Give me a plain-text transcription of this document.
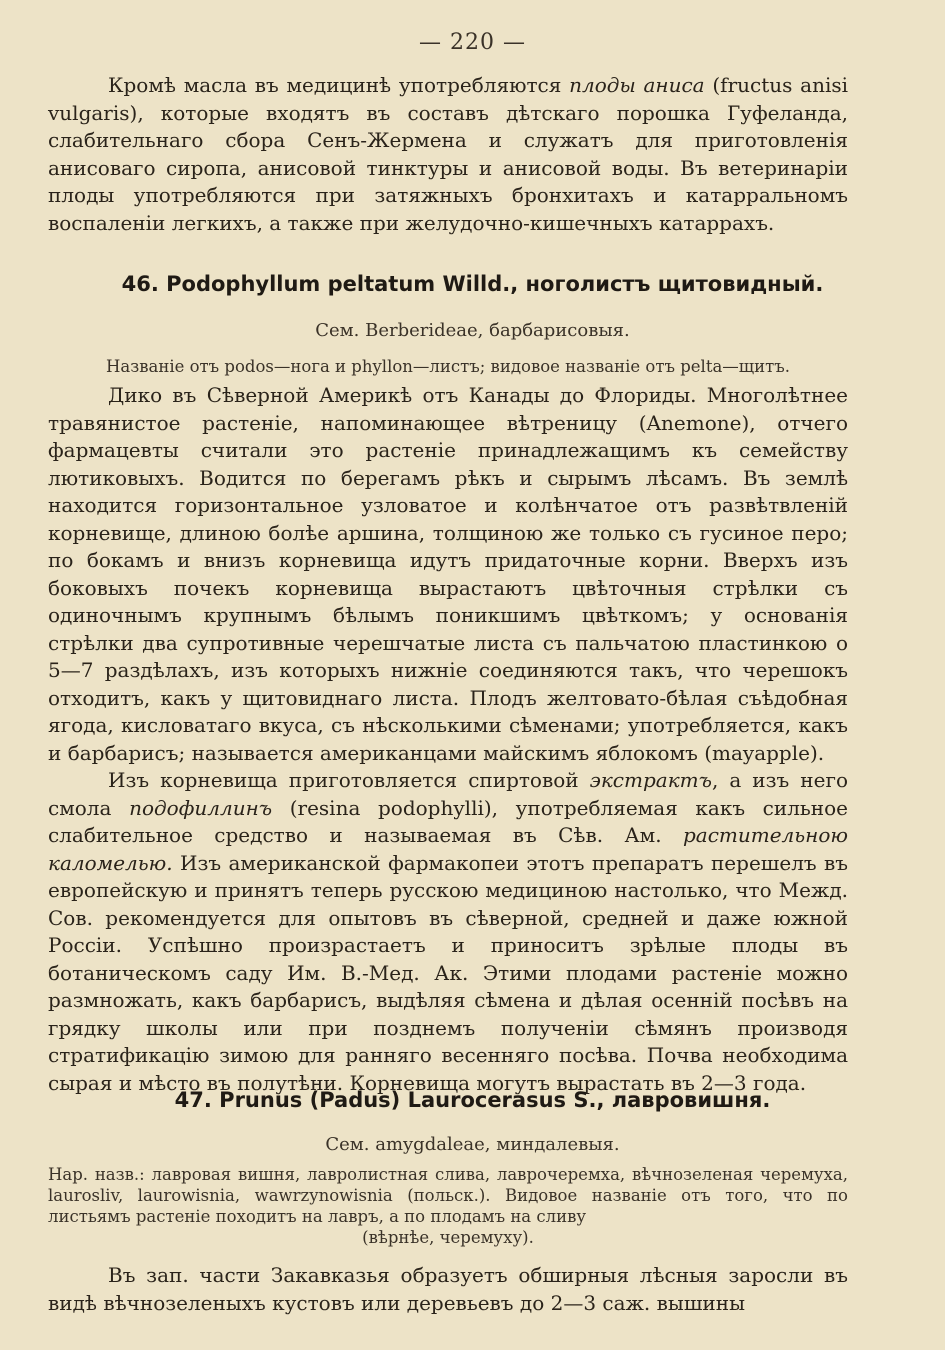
— 220 —

Кромѣ масла въ медицинѣ употребляются плоды аниса (fructus anisi vulgaris), которые входятъ въ составъ дѣтскаго порошка Гуфеланда, слабительнаго сбора Сенъ-Жермена и служатъ для приготовленія анисоваго сиропа, анисовой тинктуры и анисовой воды. Въ ветеринаріи плоды употребляются при затяжныхъ бронхитахъ и катарральномъ воспаленіи легкихъ, а также при желудочно-кишечныхъ катаррахъ.

46. Podophyllum peltatum Willd., ноголистъ щитовидный.
Сем. Berberideae, барбарисовыя.
Названіе отъ podos—нога и phyllon—листъ; видовое названіе отъ pelta—щитъ.

Дико въ Сѣверной Америкѣ отъ Канады до Флориды. Многолѣтнее травянистое растеніе, напоминающее вѣтреницу (Anemone), отчего фармацевты считали это растеніе принадлежащимъ къ семейству лютиковыхъ. Водится по берегамъ рѣкъ и сырымъ лѣсамъ. Въ землѣ находится горизонтальное узловатое и колѣнчатое отъ развѣтвленій корневище, длиною болѣе аршина, толщиною же только съ гусиное перо; по бокамъ и внизъ корневища идутъ придаточные корни. Вверхъ изъ боковыхъ почекъ корневища вырастаютъ цвѣточныя стрѣлки съ одиночнымъ крупнымъ бѣлымъ поникшимъ цвѣткомъ; у основанія стрѣлки два супротивные черешчатые листа съ пальчатою пластинкою о 5—7 раздѣлахъ, изъ которыхъ нижніе соединяются такъ, что черешокъ отходитъ, какъ у щитовиднаго листа. Плодъ желтовато-бѣлая съѣдобная ягода, кисловатаго вкуса, съ нѣсколькими сѣменами; употребляется, какъ и барбарисъ; называется американцами майскимъ яблокомъ (mayapple).

Изъ корневища приготовляется спиртовой экстрактъ, а изъ него смола подофиллинъ (resina podophylli), употребляемая какъ сильное слабительное средство и называемая въ Сѣв. Ам. растительною каломелью. Изъ американской фармакопеи этотъ препаратъ перешелъ въ европейскую и принятъ теперь русскою медициною настолько, что Межд. Сов. рекомендуется для опытовъ въ сѣверной, средней и даже южной Россіи. Успѣшно произрастаетъ и приноситъ зрѣлые плоды въ ботаническомъ саду Им. В.-Мед. Ак. Этими плодами растеніе можно размножать, какъ барбарисъ, выдѣляя сѣмена и дѣлая осенній посѣвъ на грядку школы или при позднемъ полученіи сѣмянъ производя стратификацію зимою для ранняго весенняго посѣва. Почва необходима сырая и мѣсто въ полутѣни. Корневища могутъ вырастать въ 2—3 года.

47. Prunus (Padus) Laurocerasus S., лавровишня.
Сем. amygdaleae, миндалевыя.
Нар. назв.: лавровая вишня, лавролистная слива, лаврочеремха, вѣчнозеленая черемуха, laurosliv, laurowisnia, wawrzynowisnia (польск.). Видовое названіе отъ того, что по листьямъ растеніе походитъ на лавръ, а по плодамъ на сливу
(вѣрнѣе, черемуху).

Въ зап. части Закавказья образуетъ обширныя лѣсныя заросли въ видѣ вѣчнозеленыхъ кустовъ или деревьевъ до 2—3 саж. вышины
